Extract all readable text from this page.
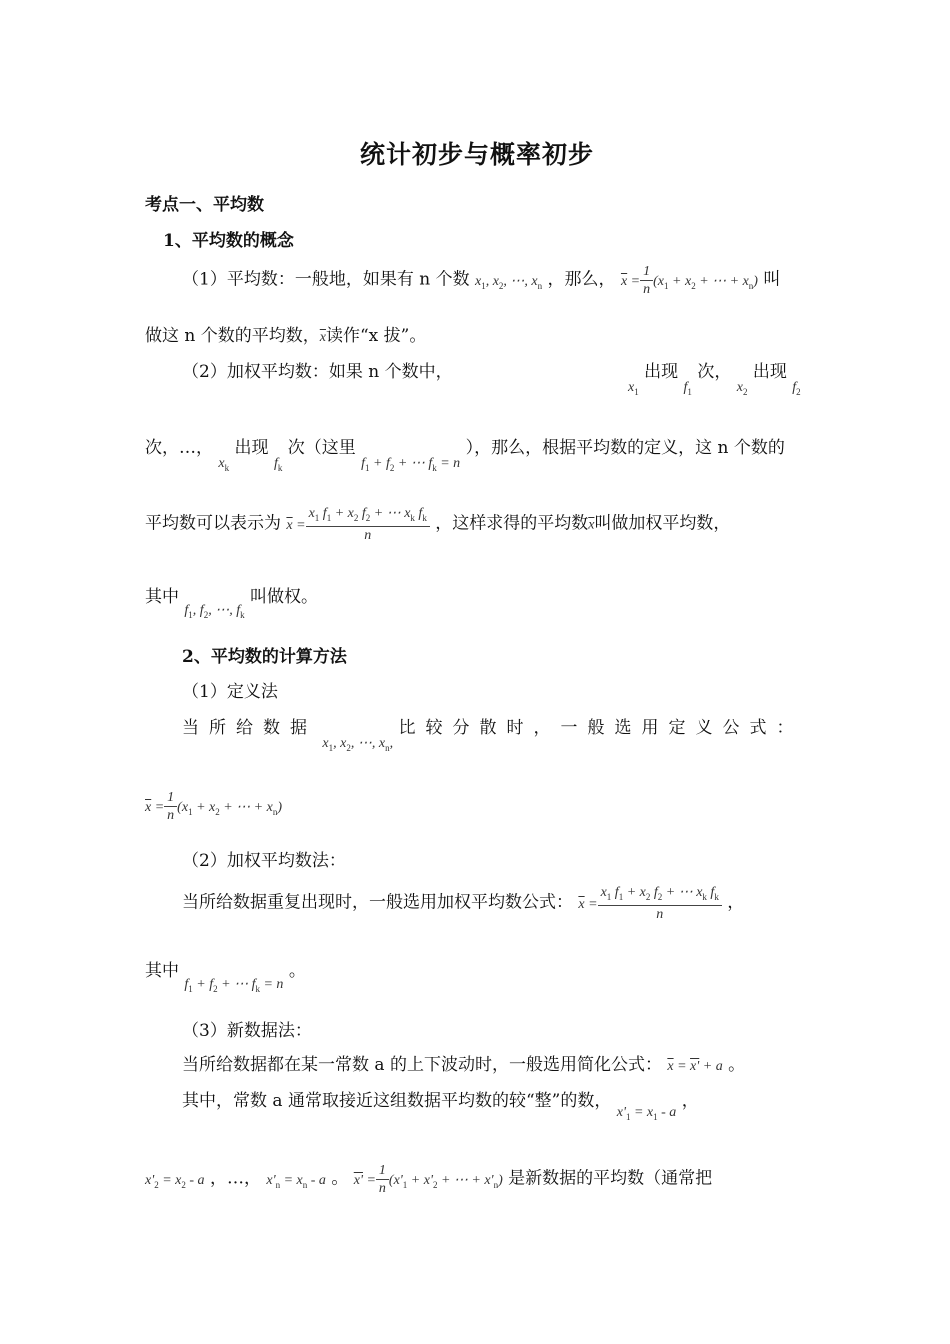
统计初步与概率初步
考点一、平均数
1、平均数的概念
（1）平均数：一般地，如果有 n 个数 $x_1$, $x_2$, ⋯, $x_n$ ，那么， $\overline{x} = \frac{1}{n} (x_1 + x_2$ + ⋯ + $x_n$) 叫
做这 n 个数的平均数，$\overline{x}$读作“x 拔”。
（2）加权平均数：如果 n 个数中，
$_{x_1}$ 出现 $_{f_1}$ 次， $_{x_2}$ 出现 $_{f_2}$
次，…， $_{x_k}$ 出现 $_{f_k}$ 次（这里 $_{f_1 + f_2 + \cdots f_k = n}$ ），那么，根据平均数的定义，这 n 个数的
平均数可以表示为 $\overline{x} = \frac{x_1 f_1 + x_2 f_2 + \cdots x_k f_k}{n}$ ，这样求得的平均数$\overline{x}$叫做加权平均数，
其中 $_{f_1, f_2, \cdots, f_k}$ 叫做权。
2、平均数的计算方法
（1）定义法
当所给数据 $_{x_1, x_2, \cdots, x_n,}$ 比较分散时，一般选用定义公式：
$\overline{x} = \frac{1}{n} (x_1 + x_2$ + ⋯ + $x_n$)
（2）加权平均数法：
当所给数据重复出现时，一般选用加权平均数公式： $\overline{x} = \frac{x_1 f_1 + x_2 f_2 + \cdots x_k f_k}{n}$ ，
其中 $_{f_1 + f_2 + \cdots f_k = n}$ 。
（3）新数据法：
当所给数据都在某一常数 a 的上下波动时，一般选用简化公式： $\overline{x} = x' + a$ 。
其中，常数 a 通常取接近这组数据平均数的较“整”的数， $_{x'_1 = x_1 - a}$ ，
$x'_2 = x_2 - a$ ，…， $x'_n = x_n - a$ 。 $x' = \frac{1}{n} (x'_1 + x'_2$ + ⋯ + $x'_n$) 是新数据的平均数（通常把
